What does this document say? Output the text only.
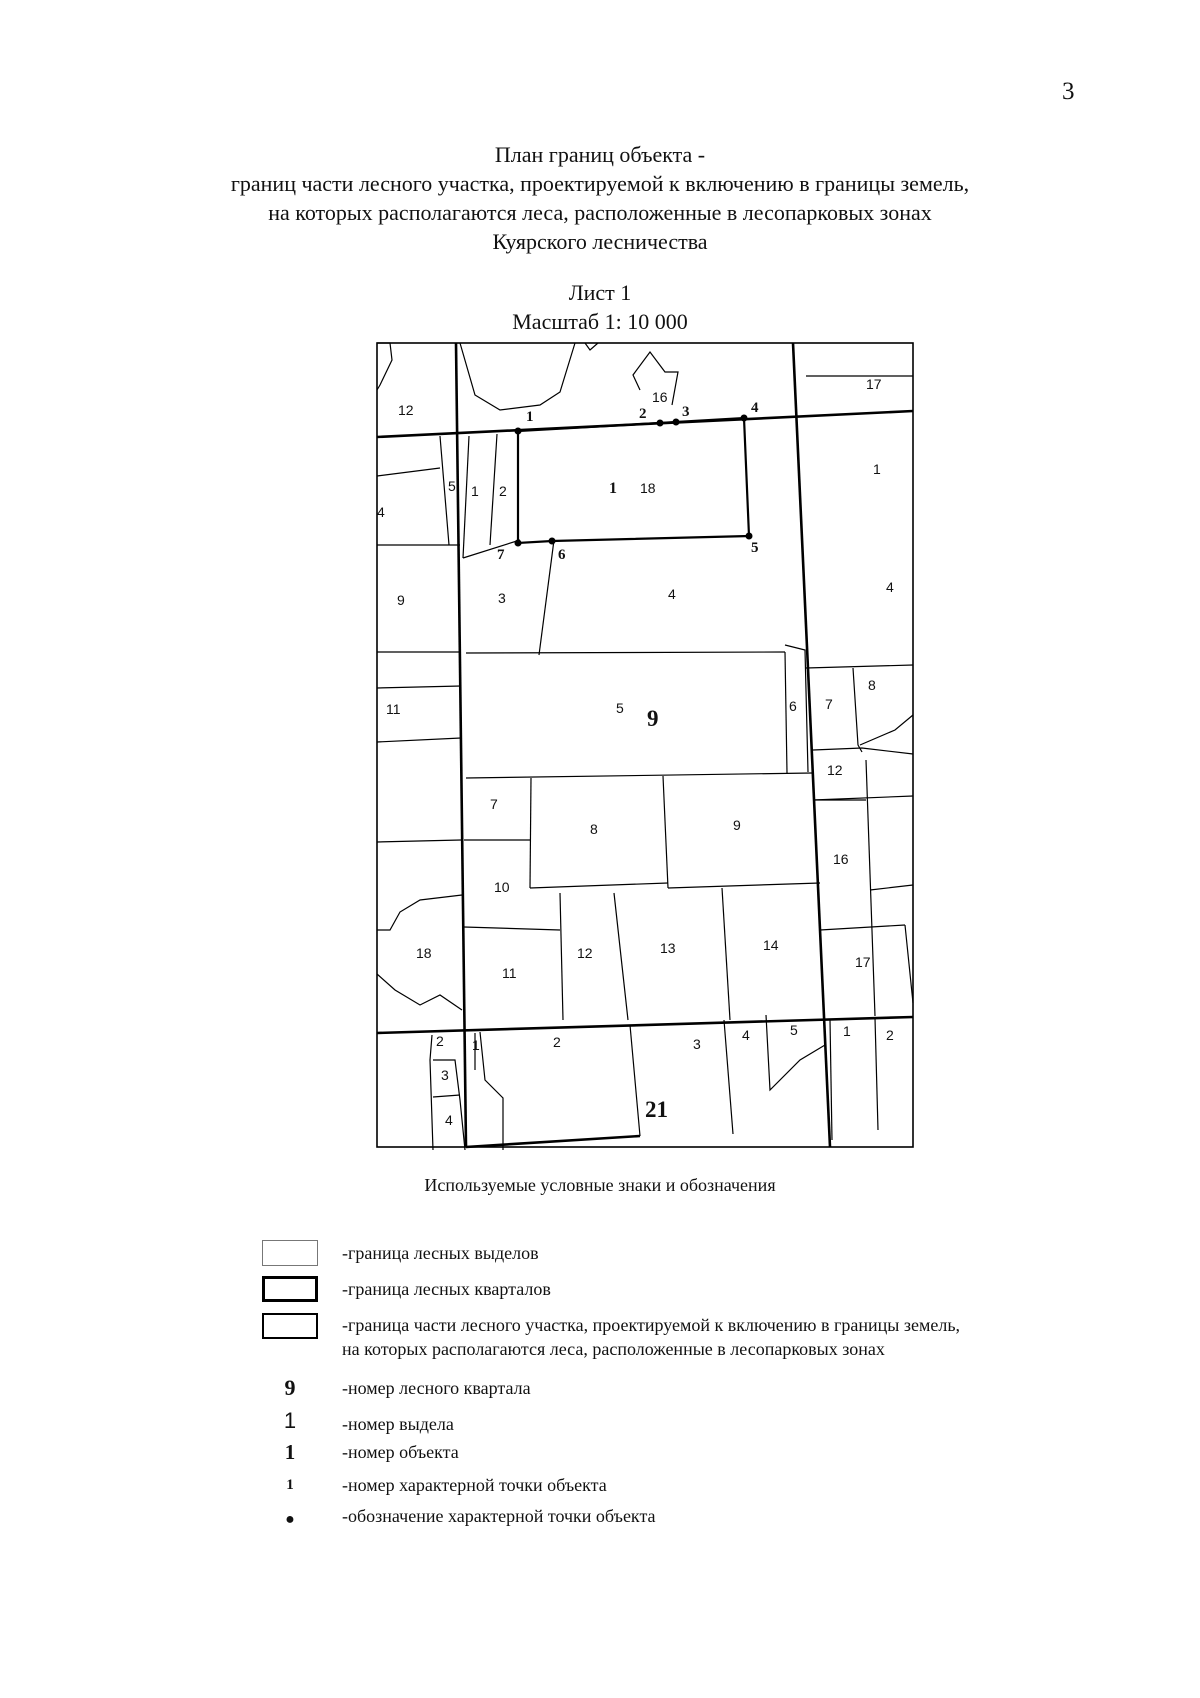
3
План границ объекта -
границ части лесного участка, проектируемой к включению в границы земель,
на которых располагаются леса, расположенные в лесопарковых зонах
Куярского лесничества
Лист 1
Масштаб 1: 10 000
1	2 3	4
5
6
7
9
21
1
12
16
17
1
4
5 1 2	18
9	3	4	4
11	5	6 7
8
12
7
8	9
16
10
18
11
12	13	14
17
2 1
3
4
2	3
4	5	1	2
Используемые условные знаки и обозначения
-граница лесных выделов
-граница лесных кварталов
-граница части лесного участка, проектируемой к включению в границы земель,
на которых располагаются леса, расположенные в лесопарковых зонах
9	-номер лесного квартала
1	-номер выдела
1	-номер объекта
1	-номер характерной точки объекта
●	-обозначение характерной точки объекта
